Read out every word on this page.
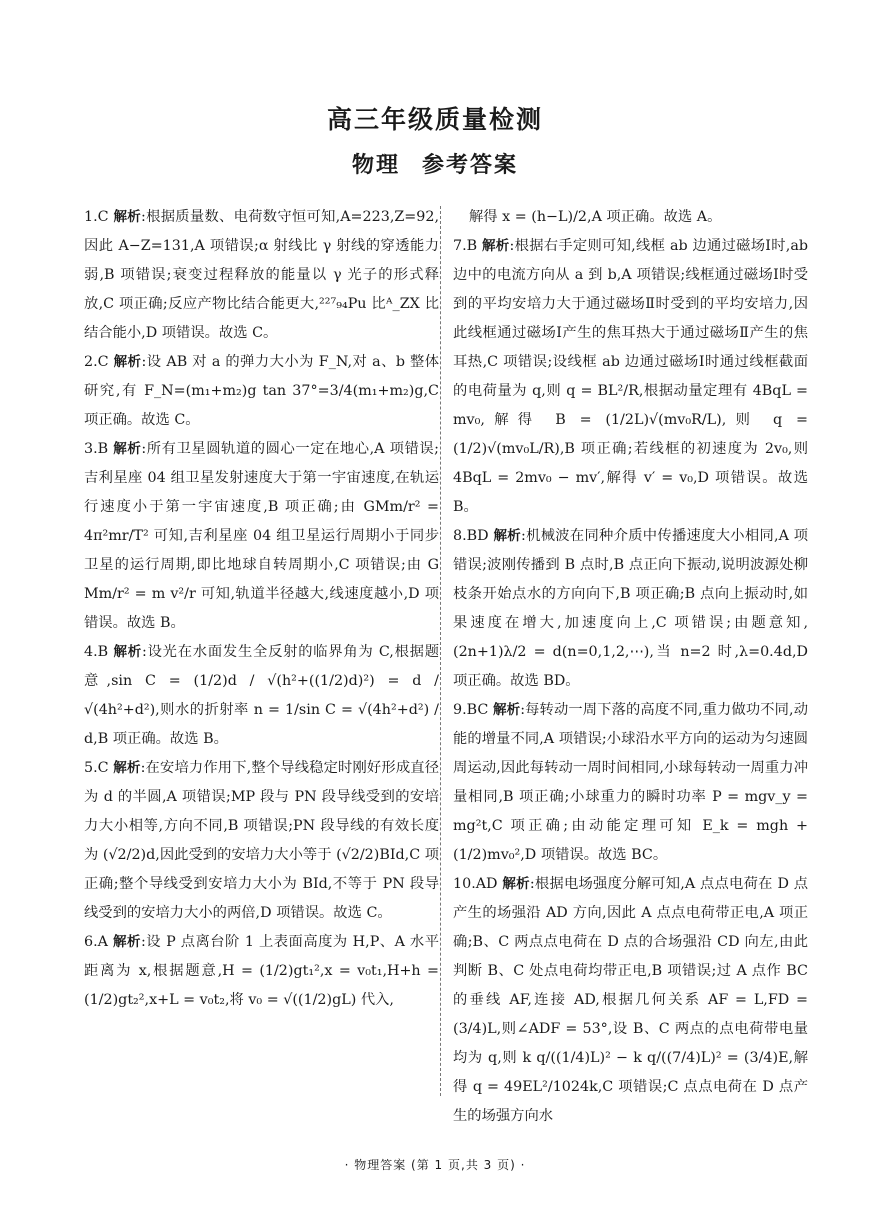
高三年级质量检测
物理 参考答案

1.C 解析:根据质量数、电荷数守恒可知,A=223,Z=92,因此 A−Z=131,A 项错误;α 射线比 γ 射线的穿透能力弱,B 项错误;衰变过程释放的能量以 γ 光子的形式释放,C 项正确;反应产物比结合能更大,²²⁷₉₄Pu 比ᴬ_ZX 比结合能小,D 项错误。故选 C。

2.C 解析:设 AB 对 a 的弹力大小为 F_N,对 a、b 整体研究,有 F_N=(m₁+m₂)g tan 37°=3/4(m₁+m₂)g,C 项正确。故选 C。

3.B 解析:所有卫星圆轨道的圆心一定在地心,A 项错误;吉利星座 04 组卫星发射速度大于第一宇宙速度,在轨运行速度小于第一宇宙速度,B 项正确;由 GMm/r² = 4π²mr/T² 可知,吉利星座 04 组卫星运行周期小于同步卫星的运行周期,即比地球自转周期小,C 项错误;由 G Mm/r² = m v²/r 可知,轨道半径越大,线速度越小,D 项错误。故选 B。

4.B 解析:设光在水面发生全反射的临界角为 C,根据题意,sin C = (1/2)d / √(h²+((1/2)d)²) = d / √(4h²+d²),则水的折射率 n = 1/sin C = √(4h²+d²) / d,B 项正确。故选 B。

5.C 解析:在安培力作用下,整个导线稳定时刚好形成直径为 d 的半圆,A 项错误;MP 段与 PN 段导线受到的安培力大小相等,方向不同,B 项错误;PN 段导线的有效长度为 (√2/2)d,因此受到的安培力大小等于 (√2/2)BId,C 项正确;整个导线受到安培力大小为 BId,不等于 PN 段导线受到的安培力大小的两倍,D 项错误。故选 C。

6.A 解析:设 P 点离台阶 1 上表面高度为 H,P、A 水平距离为 x,根据题意,H = (1/2)gt₁²,x = v₀t₁,H+h = (1/2)gt₂²,x+L = v₀t₂,将 v₀ = √((1/2)gL) 代入,

解得 x = (h−L)/2,A 项正确。故选 A。

7.B 解析:根据右手定则可知,线框 ab 边通过磁场Ⅰ时,ab 边中的电流方向从 a 到 b,A 项错误;线框通过磁场Ⅰ时受到的平均安培力大于通过磁场Ⅱ时受到的平均安培力,因此线框通过磁场Ⅰ产生的焦耳热大于通过磁场Ⅱ产生的焦耳热,C 项错误;设线框 ab 边通过磁场Ⅰ时通过线框截面的电荷量为 q,则 q = BL²/R,根据动量定理有 4BqL = mv₀,解得 B = (1/2L)√(mv₀R/L),则 q = (1/2)√(mv₀L/R),B 项正确;若线框的初速度为 2v₀,则 4BqL = 2mv₀ − mv′,解得 v′ = v₀,D 项错误。故选 B。

8.BD 解析:机械波在同种介质中传播速度大小相同,A 项错误;波刚传播到 B 点时,B 点正向下振动,说明波源处柳枝条开始点水的方向向下,B 项正确;B 点向上振动时,如果速度在增大,加速度向上,C 项错误;由题意知,(2n+1)λ/2 = d(n=0,1,2,⋯),当 n=2 时,λ=0.4d,D 项正确。故选 BD。

9.BC 解析:每转动一周下落的高度不同,重力做功不同,动能的增量不同,A 项错误;小球沿水平方向的运动为匀速圆周运动,因此每转动一周时间相同,小球每转动一周重力冲量相同,B 项正确;小球重力的瞬时功率 P = mgv_y = mg²t,C 项正确;由动能定理可知 E_k = mgh + (1/2)mv₀²,D 项错误。故选 BC。

10.AD 解析:根据电场强度分解可知,A 点点电荷在 D 点产生的场强沿 AD 方向,因此 A 点点电荷带正电,A 项正确;B、C 两点点电荷在 D 点的合场强沿 CD 向左,由此判断 B、C 处点电荷均带正电,B 项错误;过 A 点作 BC 的垂线 AF,连接 AD,根据几何关系 AF = L,FD = (3/4)L,则∠ADF = 53°,设 B、C 两点的点电荷带电量均为 q,则 k q/((1/4)L)² − k q/((7/4)L)² = (3/4)E,解得 q = 49EL²/1024k,C 项错误;C 点点电荷在 D 点产生的场强方向水

· 物理答案 (第 1 页,共 3 页) ·
